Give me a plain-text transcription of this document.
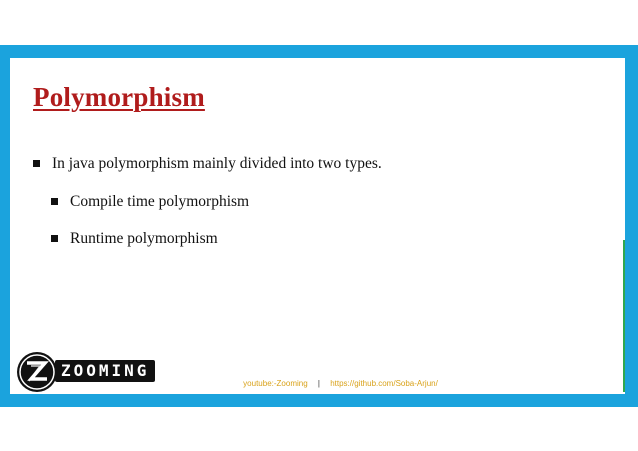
Polymorphism
In java polymorphism mainly divided into two types.
Compile time polymorphism
Runtime polymorphism
ZOOMING
youtube:-Zooming | https://github.com/Soba-Arjun/
